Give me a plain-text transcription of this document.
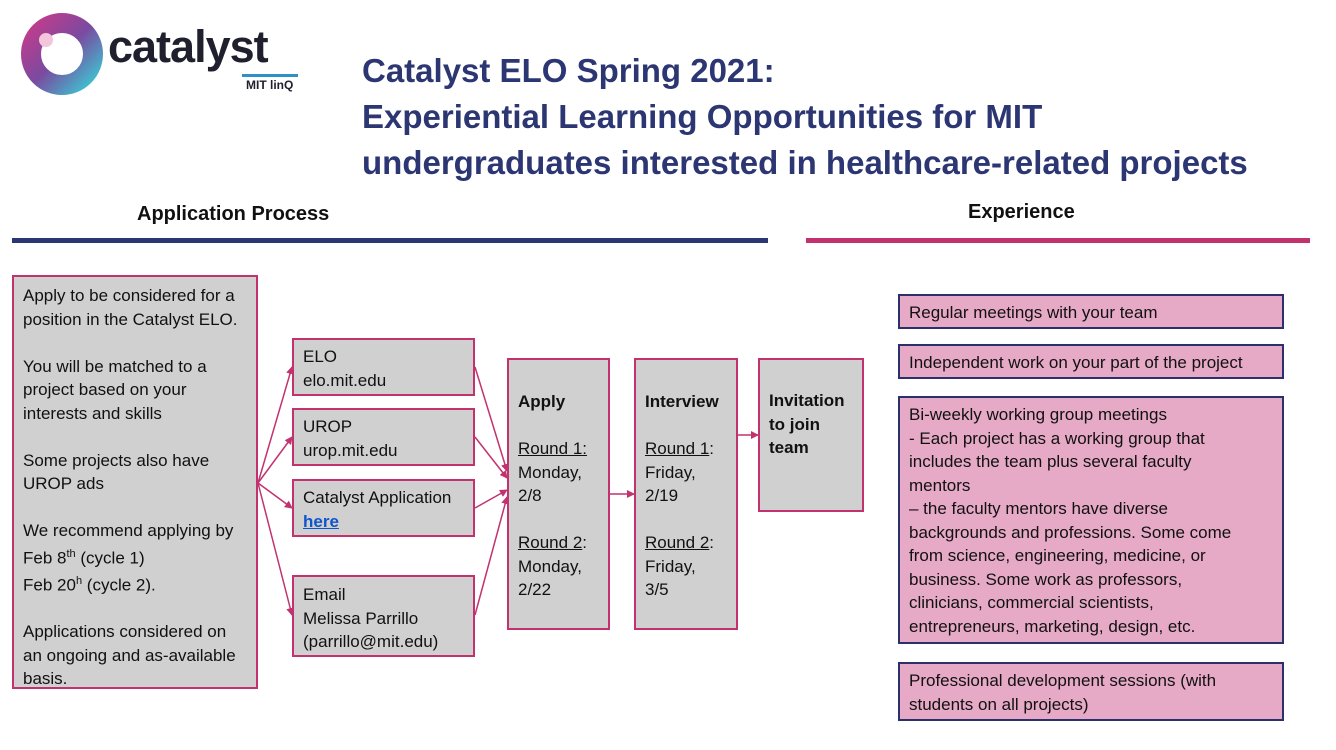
catalyst
MIT linQ Catalyst ELO Spring 2021:
Experiential Learning Opportunities for MIT
undergraduates interested in healthcare-related projects
Application Process	Experience
Apply to be considered for a
position in the Catalyst ELO.
You will be matched to a
project based on your
interests and skills
Some projects also have
UROP ads
We recommend applying by
Feb 8th (cycle 1)
Feb 20$^h$ (cycle 2).
Applications considered on
an ongoing and as-available
basis.
ELO
elo.mit.edu
UROP
urop.mit.edu
Catalyst Application
here
Email
Melissa Parrillo
(parrillo@mit.edu)
Apply
Round 1:
Monday,
2/8
Round 2:
Monday,
2/22
Interview
Round 1:
Friday,
2/19
Round 2:
Friday,
3/5
Invitation
to join
team
Regular meetings with your team
Independent work on your part of the project
Bi-weekly working group meetings
- Each project has a working group that
includes the team plus several faculty
mentors
– the faculty mentors have diverse
backgrounds and professions. Some come
from science, engineering, medicine, or
business. Some work as professors,
clinicians, commercial scientists,
entrepreneurs, marketing, design, etc.
Professional development sessions (with
students on all projects)
